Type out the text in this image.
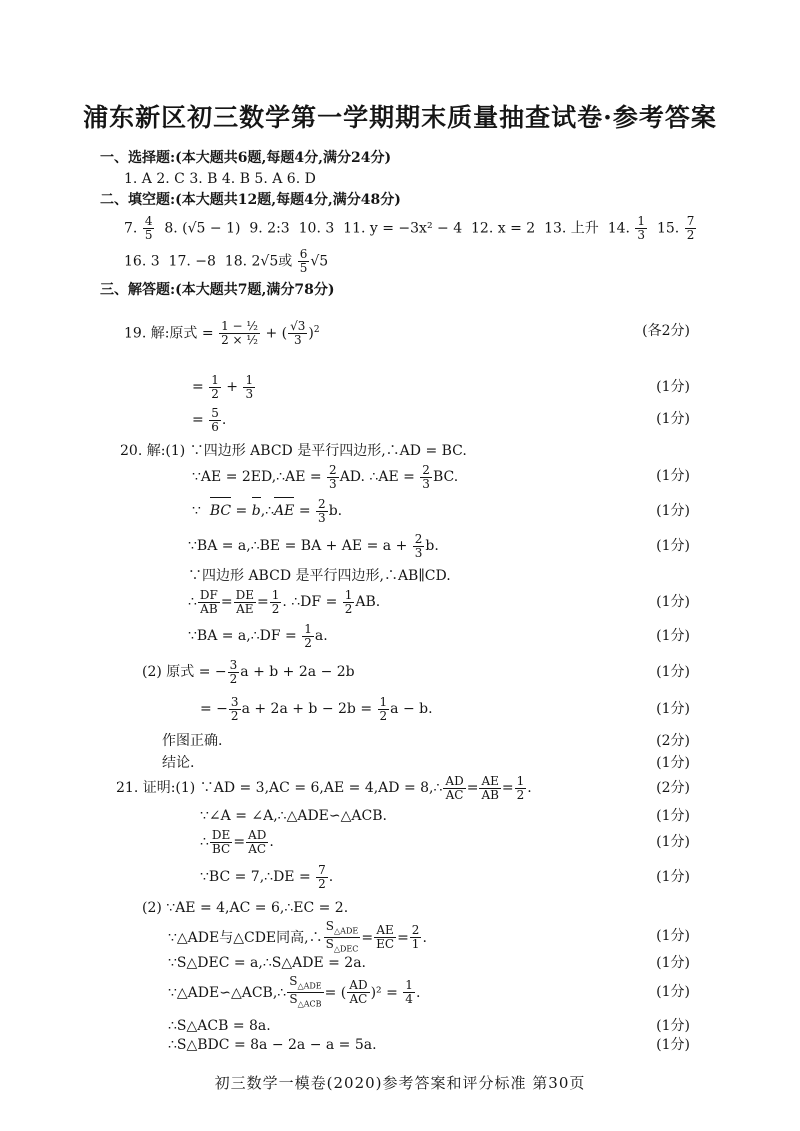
浦东新区初三数学第一学期期末质量抽查试卷·参考答案
一、选择题:(本大题共6题,每题4分,满分24分)
1. A 2. C 3. B 4. B 5. A 6. D
二、填空题:(本大题共12题,每题4分,满分48分)
7. $\frac{4}{5} 8$. (√5 − 1) 9. 2:3 10. 3 11. y = −3x² − 4 12. x = 2 13. 上升 14. $\frac{1}{3} 15$. $\frac{7}{2}$
16. 3 17. −8 18. 2√5或 $\frac{6}{5} √5$
三、解答题:(本大题共7题,满分78分)
19. 解:原式 = $\frac{\text{1 − ½}}{\text{2 × ½}}$ + ( $\frac{√3}{3} )^2$	(各2分)
= $\frac{1}{2} + \frac{1}{3}$	(1分)
= $\frac{5}{6}$ .	(1分)
20. 解:(1) ∵四边形 ABCD 是平行四边形,∴AD = BC.
∵AE = 2ED,∴AE = $\frac{2}{3}$ AD. ∴AE = $\frac{2}{3}$ BC.	(1分)
∵ BC = b,∴AE = $\frac{2}{3} b$.	(1分)
∵BA = a,∴BE = BA + AE = $a + \frac{2}{3} b$.	(1分)
∵四边形 ABCD 是平行四边形,∴AB∥CD.
∴ $\frac{DF}{AB} = \frac{DE}{AE} = \frac{1}{2}$ . ∴DF = $\frac{1}{2}$ AB.	(1分)
∵BA = a,∴DF = $\frac{1}{2} a$.	(1分)
(2) 原式 = − $\frac{3}{2}$ a + b + 2a − 2b	(1分)
= − $\frac{3}{2}$ $a + 2a + b - 2b = \frac{1}{2}$ a − b.	(1分)
作图正确.	(2分)
结论.	(1分)
21. 证明:(1) ∵AD = 3,AC = 6,AE = 4,AD = 8,∴ $\frac{AD}{AC} = \frac{AE}{AB} = \frac{1}{2}$ .	(2分)
∵∠A = ∠A,∴△ADE∽△ACB.	(1分)
∴ $\frac{DE}{BC} = \frac{AD}{AC}$ .	(1分)
∵BC = 7,∴DE = $\frac{7}{2}$ .	(1分)
(2) ∵AE = 4,AC = 6,∴EC = 2.
∵△ADE与△CDE同高,∴ $\frac{S_{\triangle ADE}}{S_{\triangle DEC}} = \frac{AE}{EC} = \frac{2}{1}$ .	(1分)
∵S△DEC = a,∴S△ADE = 2a.	(1分)
∵△ADE∽△ACB,∴ $\frac{S_{\triangle ADE}}{S_{\triangle ACB}}$ = ( $\frac{AD}{AC} )^2 = \frac{1}{4}$ .	(1分)
∴S△ACB = 8a.	(1分)
∴S△BDC = 8a − 2a − a = 5a.	(1分)
初三数学一模卷(2020)参考答案和评分标准 第30页
